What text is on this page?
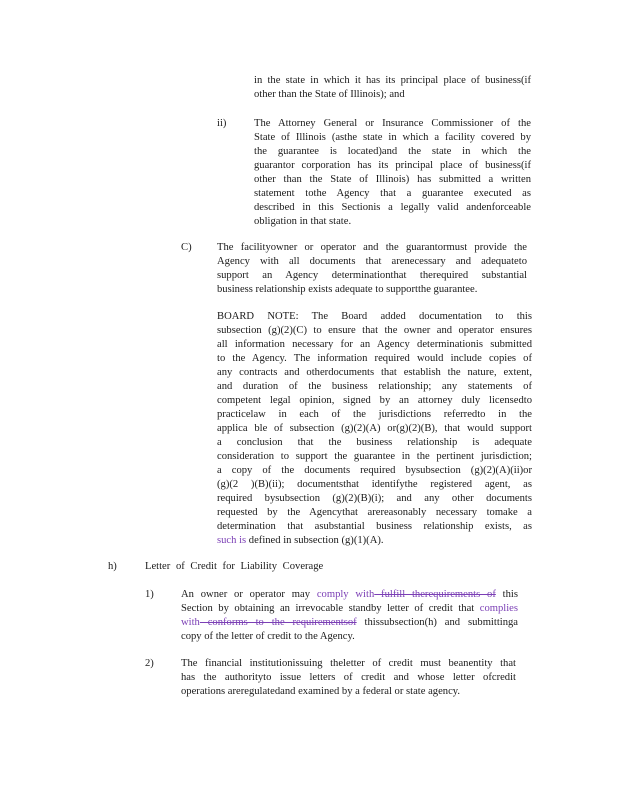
in the state in which it has its principal place of business(if
other than the State of Illinois); and
ii)	The Attorney General or Insurance Commissioner of the
State of Illinois (asthe state in which a facility covered by
the guarantee is located)and the state in which the
guarantor corporation has its principal place of business(if
other than the State of Illinois) has submitted a written
statement tothe Agency that a guarantee executed as
described in this Sectionis a legally valid andenforceable
obligation in that state.
C) The facilityowner or operator and the guarantormust provide the
Agency with all documents that arenecessary and adequateto
support an Agency determinationthat therequired substantial
business relationship exists adequate to supportthe guarantee.
BOARD NOTE: The Board added documentation to this
subsection (g)(2)(C) to ensure that the owner and operator ensures
all information necessary for an Agency determinationis submitted
to the Agency. The information required would include copies of
any contracts and otherdocuments that establish the nature, extent,
and duration of the business relationship; any statements of
competent legal opinion, signed by an attorney duly licensedto
practicelaw in each of the jurisdictions referredto in the
applica ble of subsection (g)(2)(A) or(g)(2)(B), that would support
a conclusion that the business relationship is adequate
consideration to support the guarantee in the pertinent jurisdiction;
a copy of the documents required bysubsection (g)(2)(A)(ii)or
(g)(2 )(B)(ii); documentsthat identifythe registered agent, as
required bysubsection (g)(2)(B)(i); and any other documents
requested by the Agencythat arereasonably necessary tomake a
determination that asubstantial business relationship exists, as
such is defined in subsection (g)(1)(A).
h)	Letter of Credit for Liability Coverage
1)	An owner or operator may comply with fulfill therequirements of this
Section by obtaining an irrevocable standby letter of credit that complies
with conforms to the requirementsof thissubsection(h) and submittinga
copy of the letter of credit to the Agency.
2)	The financial institutionissuing theletter of credit must beanentity that
has the authorityto issue letters of credit and whose letter ofcredit
operations areregulatedand examined by a federal or state agency.
